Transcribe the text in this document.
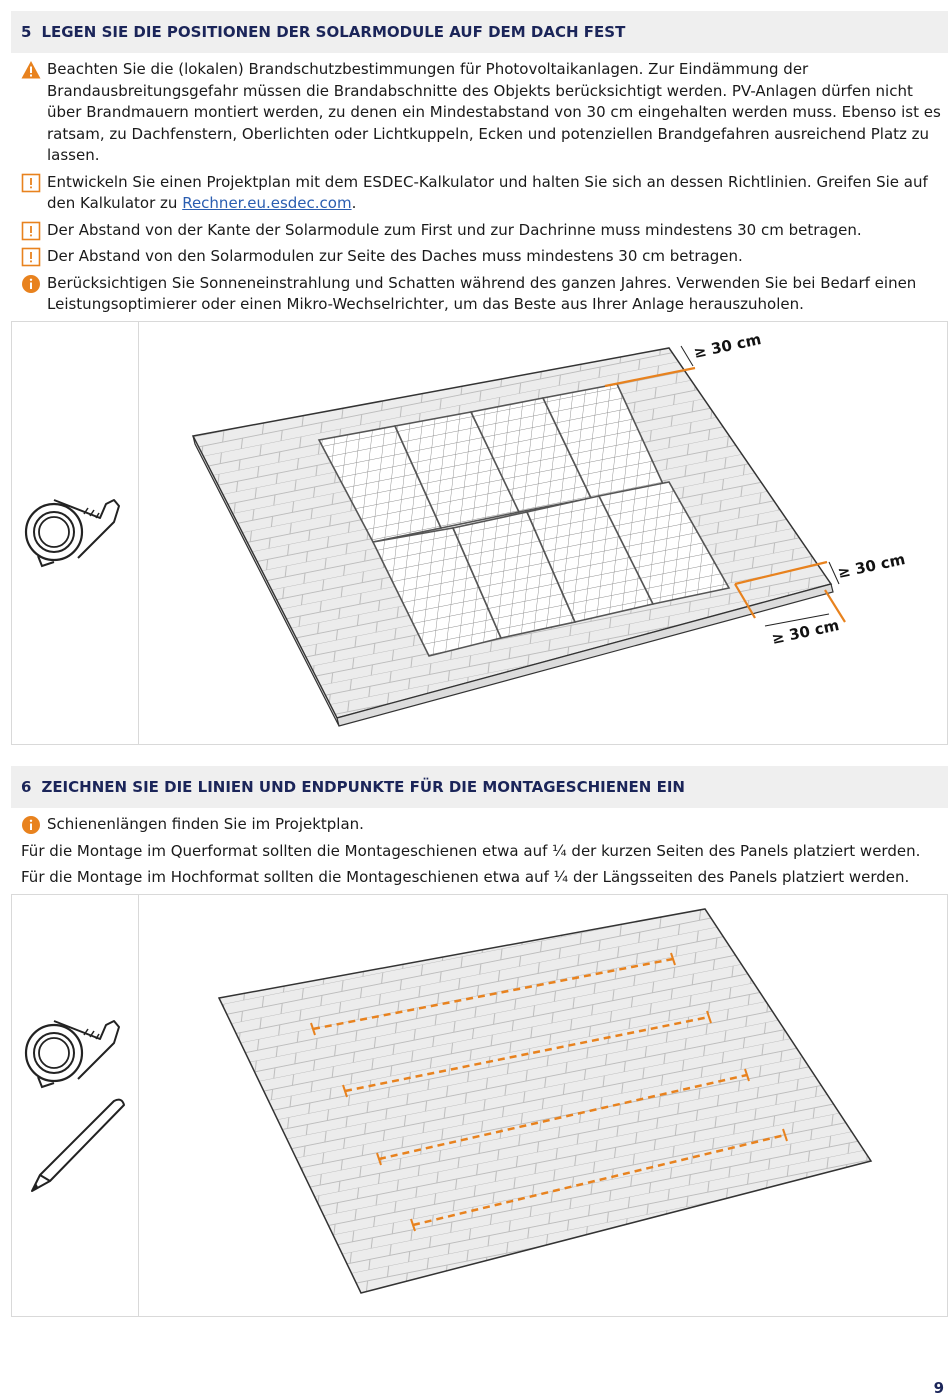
5 LEGEN SIE DIE POSITIONEN DER SOLARMODULE AUF DEM DACH FEST
Beachten Sie die (lokalen) Brandschutzbestimmungen für Photovoltaikanlagen. Zur Eindämmung der Brandausbreitungsgefahr müssen die Brandabschnitte des Objekts berücksichtigt werden. PV-Anlagen dürfen nicht über Brandmauern montiert werden, zu denen ein Mindestabstand von 30 cm eingehalten werden muss. Ebenso ist es ratsam, zu Dachfenstern, Oberlichten oder Lichtkuppeln, Ecken und potenziellen Brandgefahren ausreichend Platz zu lassen.
Entwickeln Sie einen Projektplan mit dem ESDEC-Kalkulator und halten Sie sich an dessen Richtlinien. Greifen Sie auf den Kalkulator zu Rechner.eu.esdec.com.
Der Abstand von der Kante der Solarmodule zum First und zur Dachrinne muss mindestens 30 cm betragen.
Der Abstand von den Solarmodulen zur Seite des Daches muss mindestens 30 cm betragen.
Berücksichtigen Sie Sonneneinstrahlung und Schatten während des ganzen Jahres. Verwenden Sie bei Bedarf einen Leistungsoptimierer oder einen Mikro-Wechselrichter, um das Beste aus Ihrer Anlage herauszuholen.
≥ 30 cm
≥ 30 cm
≥ 30 cm
6 ZEICHNEN SIE DIE LINIEN UND ENDPUNKTE FÜR DIE MONTAGESCHIENEN EIN
Schienenlängen finden Sie im Projektplan.
Für die Montage im Querformat sollten die Montageschienen etwa auf ¼ der kurzen Seiten des Panels platziert werden.
Für die Montage im Hochformat sollten die Montageschienen etwa auf ¼ der Längsseiten des Panels platziert werden.
9
